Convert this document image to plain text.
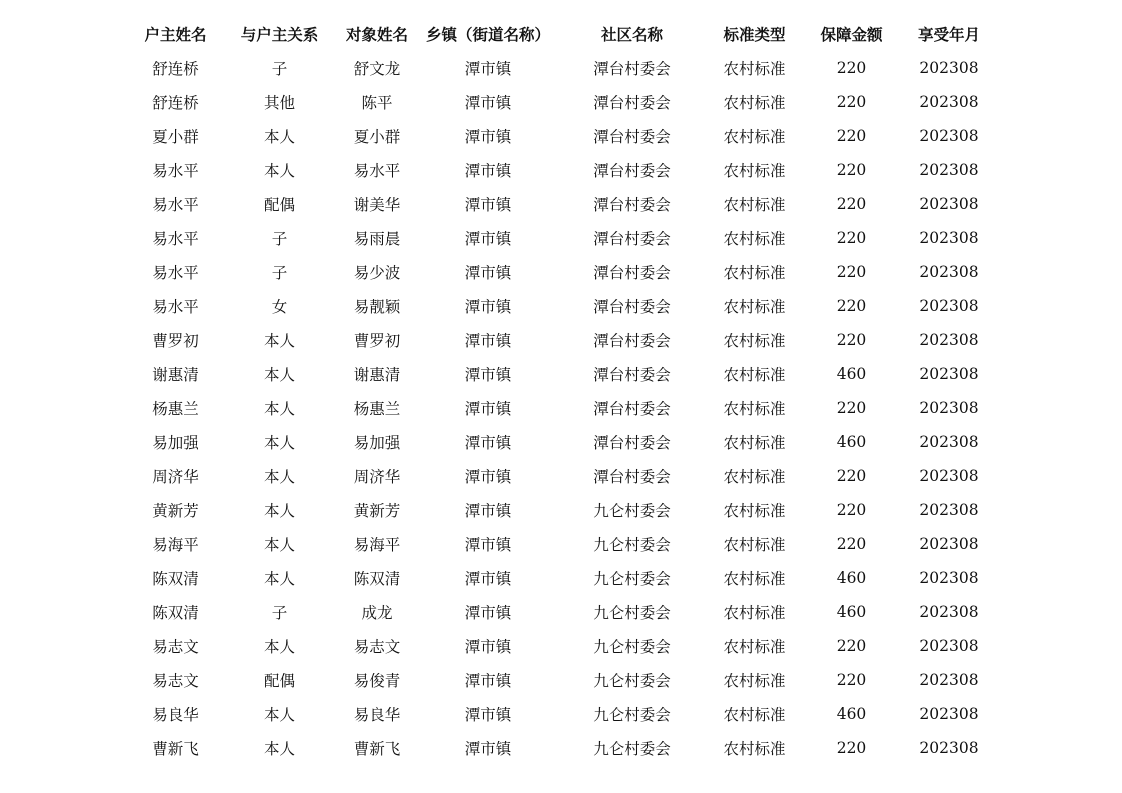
户主姓名	与户主关系	对象姓名	乡镇（街道名称）	社区名称	标准类型	保障金额	享受年月
舒连桥	子	舒文龙	潭市镇	潭台村委会	农村标准	220	202308
舒连桥	其他	陈平	潭市镇	潭台村委会	农村标准	220	202308
夏小群	本人	夏小群	潭市镇	潭台村委会	农村标准	220	202308
易水平	本人	易水平	潭市镇	潭台村委会	农村标准	220	202308
易水平	配偶	谢美华	潭市镇	潭台村委会	农村标准	220	202308
易水平	子	易雨晨	潭市镇	潭台村委会	农村标准	220	202308
易水平	子	易少波	潭市镇	潭台村委会	农村标准	220	202308
易水平	女	易靓颖	潭市镇	潭台村委会	农村标准	220	202308
曹罗初	本人	曹罗初	潭市镇	潭台村委会	农村标准	220	202308
谢惠清	本人	谢惠清	潭市镇	潭台村委会	农村标准	460	202308
杨惠兰	本人	杨惠兰	潭市镇	潭台村委会	农村标准	220	202308
易加强	本人	易加强	潭市镇	潭台村委会	农村标准	460	202308
周济华	本人	周济华	潭市镇	潭台村委会	农村标准	220	202308
黄新芳	本人	黄新芳	潭市镇	九仑村委会	农村标准	220	202308
易海平	本人	易海平	潭市镇	九仑村委会	农村标准	220	202308
陈双清	本人	陈双清	潭市镇	九仑村委会	农村标准	460	202308
陈双清	子	成龙	潭市镇	九仑村委会	农村标准	460	202308
易志文	本人	易志文	潭市镇	九仑村委会	农村标准	220	202308
易志文	配偶	易俊青	潭市镇	九仑村委会	农村标准	220	202308
易良华	本人	易良华	潭市镇	九仑村委会	农村标准	460	202308
曹新飞	本人	曹新飞	潭市镇	九仑村委会	农村标准	220	202308
